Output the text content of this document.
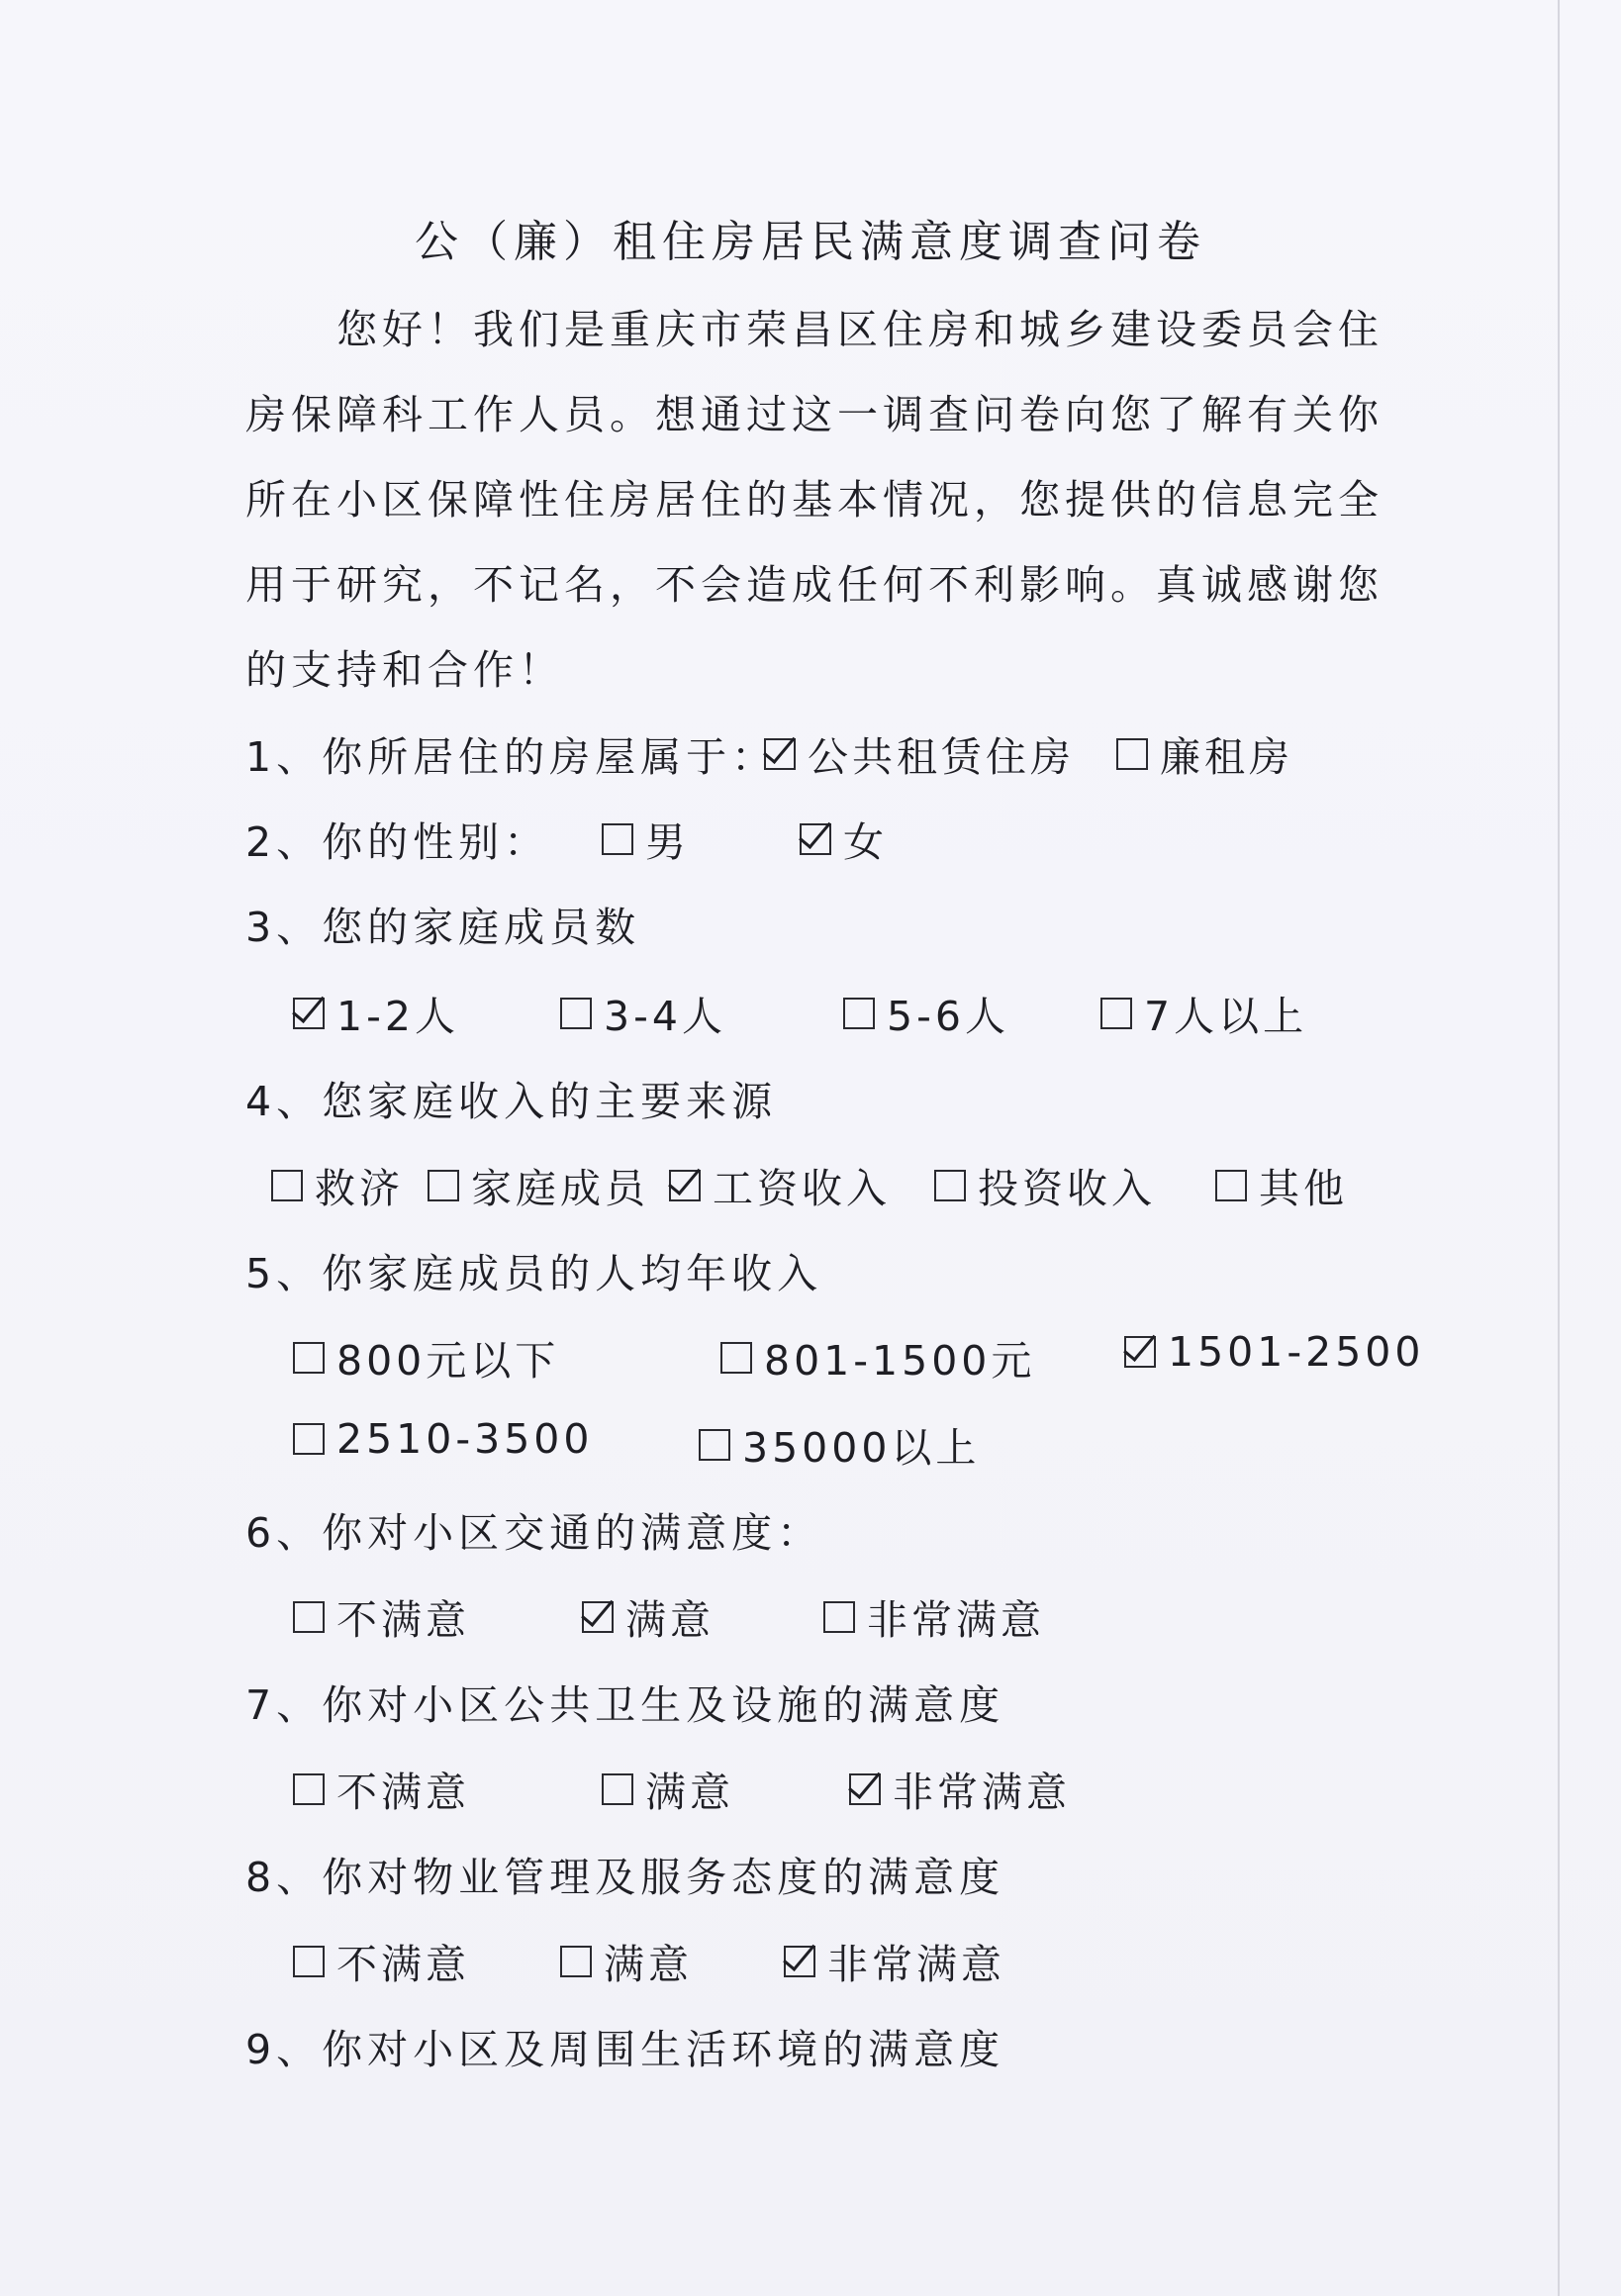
公（廉）租住房居民满意度调查问卷
您好！我们是重庆市荣昌区住房和城乡建设委员会住房保障科工作人员。想通过这一调查问卷向您了解有关你所在小区保障性住房居住的基本情况，您提供的信息完全用于研究，不记名，不会造成任何不利影响。真诚感谢您的支持和合作！
1、你所居住的房屋属于： 公共租赁住房 廉租房
2、你的性别： 男	女
3、您的家庭成员数
1-2人	3-4人	5-6人	7人以上
4、您家庭收入的主要来源
救济 家庭成员 工资收入 投资收入	其他
5、你家庭成员的人均年收入
800元以下	801-1500元	1501-2500
2510-3500	35000以上
6、你对小区交通的满意度：
不满意	满意	非常满意
7、你对小区公共卫生及设施的满意度
不满意	满意	非常满意
8、你对物业管理及服务态度的满意度
不满意	满意	非常满意
9、你对小区及周围生活环境的满意度
